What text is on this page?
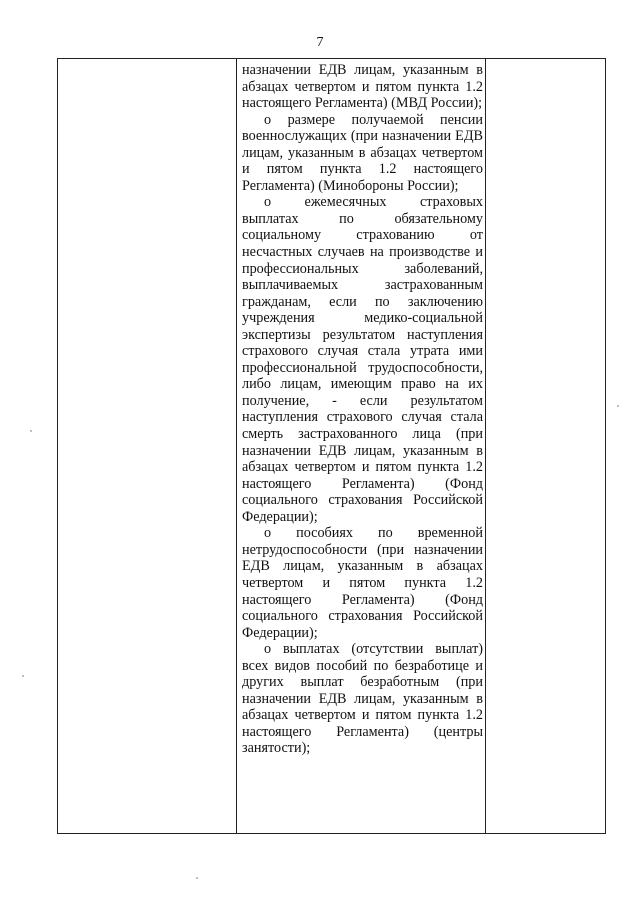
7

назначении ЕДВ лицам, указанным в абзацах четвертом и пятом пункта 1.2 настоящего Регламента) (МВД России);

о размере получаемой пенсии военнослужащих (при назначении ЕДВ лицам, указанным в абзацах четвертом и пятом пункта 1.2 настоящего Регламента) (Минобороны России);

о ежемесячных страховых выплатах по обязательному социальному страхованию от несчастных случаев на производстве и профессиональных заболеваний, выплачиваемых застрахованным гражданам, если по заключению учреждения медико-социальной экспертизы результатом наступления страхового случая стала утрата ими профессиональной трудоспособности, либо лицам, имеющим право на их получение, - если результатом наступления страхового случая стала смерть застрахованного лица (при назначении ЕДВ лицам, указанным в абзацах четвертом и пятом пункта 1.2 настоящего Регламента) (Фонд социального страхования Российской Федерации);

о пособиях по временной нетрудоспособности (при назначении ЕДВ лицам, указанным в абзацах четвертом и пятом пункта 1.2 настоящего Регламента) (Фонд социального страхования Российской Федерации);

о выплатах (отсутствии выплат) всех видов пособий по безработице и других выплат безработным (при назначении ЕДВ лицам, указанным в абзацах четвертом и пятом пункта 1.2 настоящего Регламента) (центры занятости);
